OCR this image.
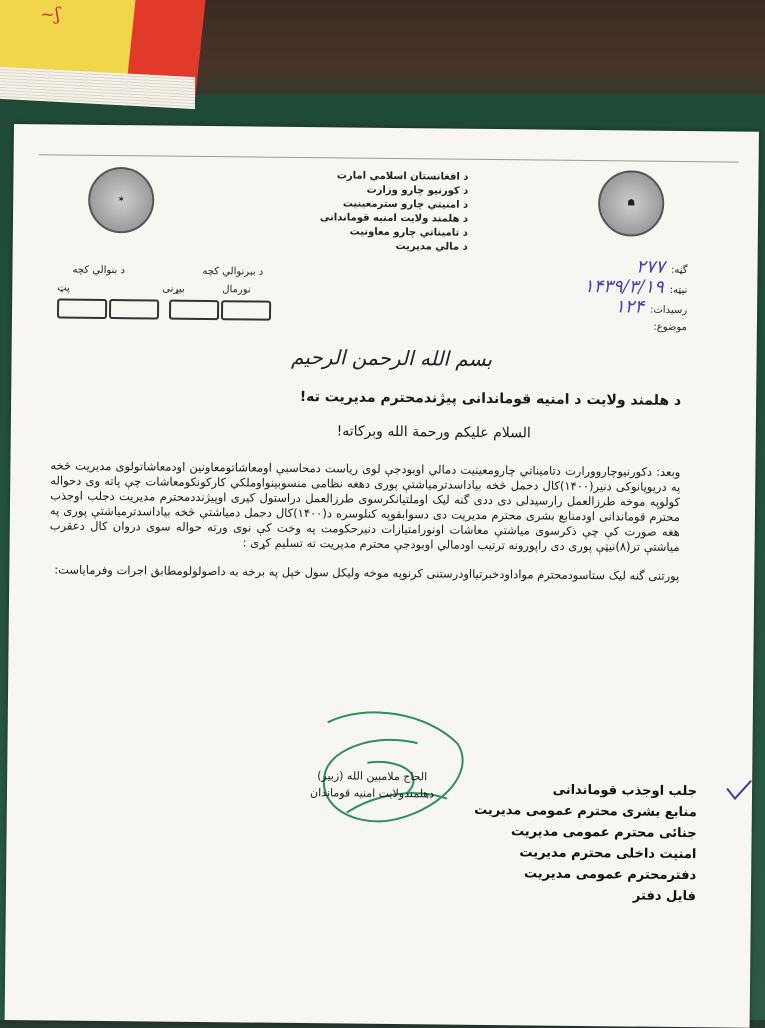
~ʃ
✶	☗
د افغانستان اسلامي امارت
د کورنیو چارو وزارت
د امنیتي چارو سترمعینیت
د هلمند ولایت امنیه قوماندانی
د تامیناتي چارو معاونیت
د مالي مدیریت
گڼه:
۲۷۷
نیټه:
۱۴۳۹/۳/۱۹
رسیدات:
۱۲۴
موضوع:
د ببرنوالي کچه
د بنوالي کچه
نورمال
بیړنی
پټ
بسم الله الرحمن الرحيم
د هلمند ولایت د امنیه قوماندانی پیژندمحترم مدیریت ته!
السلام علیکم ورحمة الله وبرکاته!

وبعد: دکورنیوچاروورارت دتامیناتي چارومعینیت دمالي اوبودجې لوی ریاست دمحاسبې اومعاشاتومعاونین اودمعاشاتولوی مدیریت څخه په دریوپانوکی دنیر(۱۴۰۰)کال دحمل څخه بیاداسدترمیاشتې پوری دهغه نظامی منسوبینواوملکي کارکونکومعاشات چې پاته وی دحواله کولوپه موخه طرزالعمل رارسیدلی دی ددی گنه لیک اوملتیانکرسوی طرزالعمل دراستول کیری اوپیژنددمحترم مدیریت دجلب اوجذب محترم قوماندانی اودمنابع بشری محترم مدیریت دی دسوابقوپه کنلوسره د(۱۴۰۰)کال دحمل دمیاشتې څخه بیاداسدترمیاشتې پوری په هغه صورت کې چې ذکرسوی میاشتې معاشات اونورامتیازات دنیرحکومت په وخت کې نوی ورته حواله سوی دروان کال دعقرب میاشتې تر(۸)نیټې پوری دی راپورونه ترتیب اودمالي اوبودجې محترم مدیریت ته تسلیم کړی :

پورتنی گنه لیک ستاسودمحترم مواداودخبرتیااودرستنی کرنوپه موخه ولیکل سول خپل په برخه به داصولولومطابق اجرات وفرمایاست:

الحاج ملامبین الله (زبیر)
دهلمندولایت امنیه قوماندان	جلب اوجذب قوماندانی
منابع بشری محترم عمومی مدیریت
جنائی محترم عمومی مدیریت
امنیت داخلی محترم مدیریت
دفترمحترم عمومی مدیریت
فایل دفتر
